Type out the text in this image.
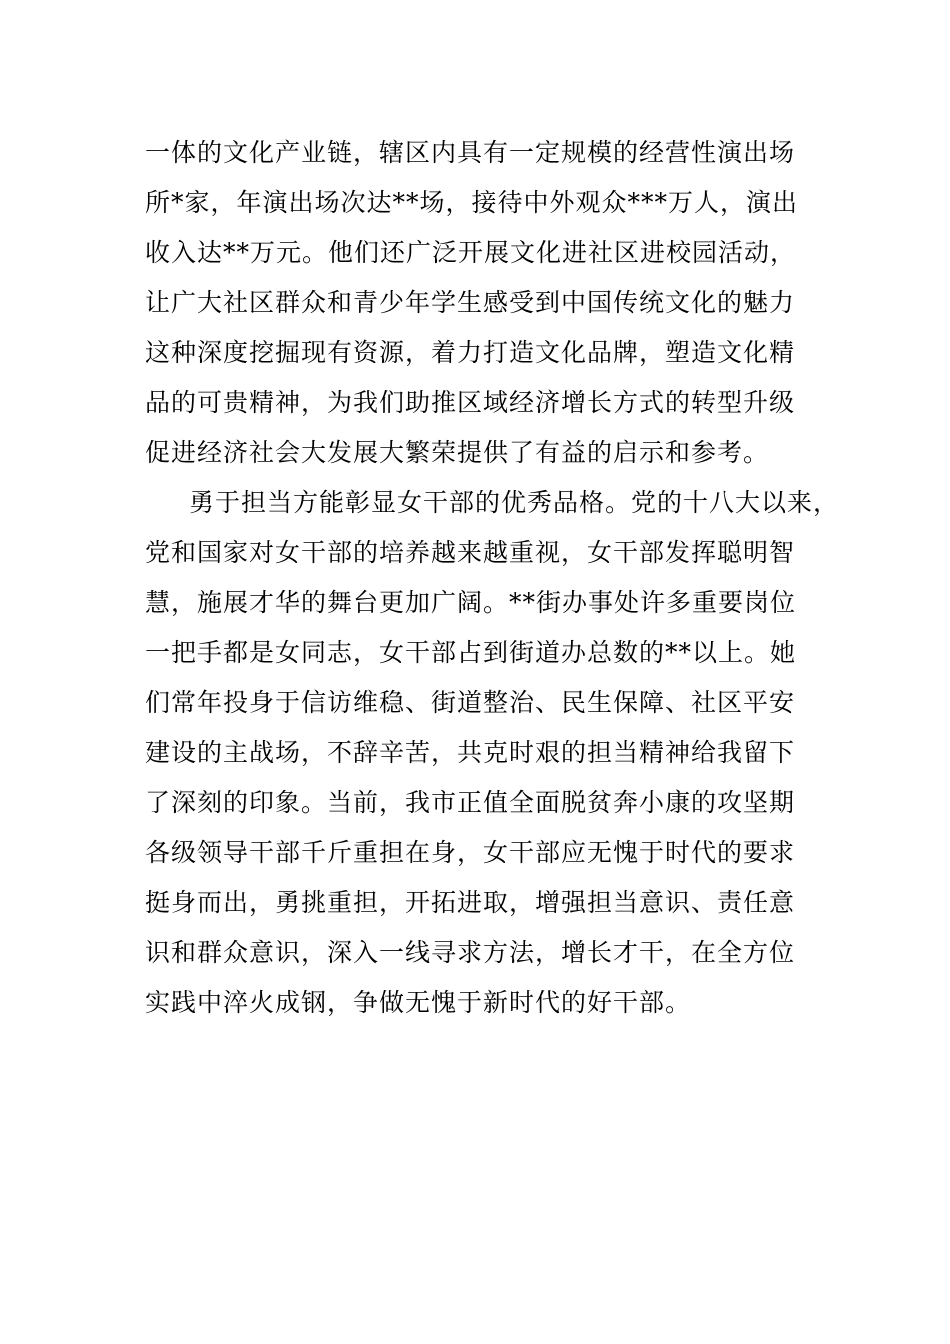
一体的文化产业链，辖区内具有一定规模的经营性演出场
所*家，年演出场次达**场，接待中外观众***万人，演出
收入达**万元。他们还广泛开展文化进社区进校园活动，
让广大社区群众和青少年学生感受到中国传统文化的魅力
这种深度挖掘现有资源，着力打造文化品牌，塑造文化精
品的可贵精神，为我们助推区域经济增长方式的转型升级
促进经济社会大发展大繁荣提供了有益的启示和参考。
勇于担当方能彰显女干部的优秀品格。党的十八大以来，
党和国家对女干部的培养越来越重视，女干部发挥聪明智
慧，施展才华的舞台更加广阔。**街办事处许多重要岗位
一把手都是女同志，女干部占到街道办总数的**以上。她
们常年投身于信访维稳、街道整治、民生保障、社区平安
建设的主战场，不辞辛苦，共克时艰的担当精神给我留下
了深刻的印象。当前，我市正值全面脱贫奔小康的攻坚期
各级领导干部千斤重担在身，女干部应无愧于时代的要求
挺身而出，勇挑重担，开拓进取，增强担当意识、责任意
识和群众意识，深入一线寻求方法，增长才干，在全方位
实践中淬火成钢，争做无愧于新时代的好干部。
